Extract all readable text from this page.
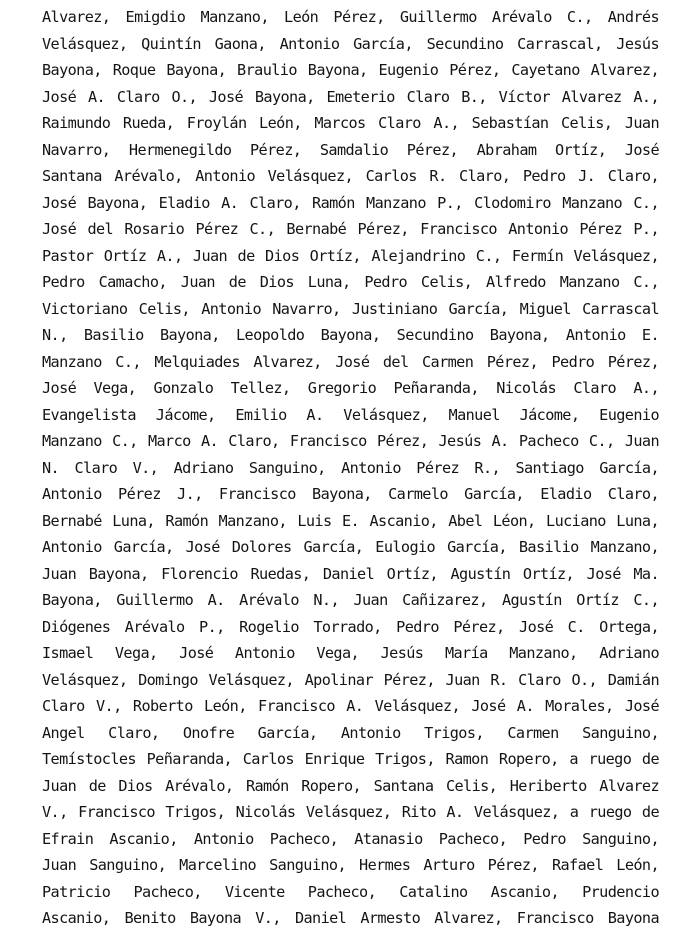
Alvarez, Emigdio Manzano, León Pérez, Guillermo Arévalo C., Andrés
Velásquez, Quintín Gaona, Antonio García, Secundino Carrascal, Jesús
Bayona, Roque Bayona, Braulio Bayona, Eugenio Pérez, Cayetano Alvarez,
José A. Claro O., José Bayona, Emeterio Claro B., Víctor Alvarez A.,
Raimundo Rueda, Froylán León, Marcos Claro A., Sebastían Celis, Juan
Navarro, Hermenegildo Pérez, Samdalio Pérez, Abraham Ortíz, José
Santana Arévalo, Antonio Velásquez, Carlos R. Claro, Pedro J. Claro,
José Bayona, Eladio A. Claro, Ramón Manzano P., Clodomiro Manzano C.,
José del Rosario Pérez C., Bernabé Pérez, Francisco Antonio Pérez P.,
Pastor Ortíz A., Juan de Dios Ortíz, Alejandrino C., Fermín Velásquez,
Pedro Camacho, Juan de Dios Luna, Pedro Celis, Alfredo Manzano C.,
Victoriano Celis, Antonio Navarro, Justiniano García, Miguel Carrascal
N., Basilio Bayona, Leopoldo Bayona, Secundino Bayona, Antonio E.
Manzano C., Melquiades Alvarez, José del Carmen Pérez, Pedro Pérez,
José Vega, Gonzalo Tellez, Gregorio Peñaranda, Nicolás Claro A.,
Evangelista Jácome, Emilio A. Velásquez, Manuel Jácome, Eugenio
Manzano C., Marco A. Claro, Francisco Pérez, Jesús A. Pacheco C., Juan
N. Claro V., Adriano Sanguino, Antonio Pérez R., Santiago García,
Antonio Pérez J., Francisco Bayona, Carmelo García, Eladio Claro,
Bernabé Luna, Ramón Manzano, Luis E. Ascanio, Abel Léon, Luciano Luna,
Antonio García, José Dolores García, Eulogio García, Basilio Manzano,
Juan Bayona, Florencio Ruedas, Daniel Ortíz, Agustín Ortíz, José Ma.
Bayona, Guillermo A. Arévalo N., Juan Cañizarez, Agustín Ortíz C.,
Diógenes Arévalo P., Rogelio Torrado, Pedro Pérez, José C. Ortega,
Ismael Vega, José Antonio Vega, Jesús María Manzano, Adriano
Velásquez, Domingo Velásquez, Apolinar Pérez, Juan R. Claro O., Damián
Claro V., Roberto León, Francisco A. Velásquez, José A. Morales, José
Angel Claro, Onofre García, Antonio Trigos, Carmen Sanguino,
Temístocles Peñaranda, Carlos Enrique Trigos, Ramon Ropero, a ruego de
Juan de Dios Arévalo, Ramón Ropero, Santana Celis, Heriberto Alvarez
V., Francisco Trigos, Nicolás Velásquez, Rito A. Velásquez, a ruego de
Efrain Ascanio, Antonio Pacheco, Atanasio Pacheco, Pedro Sanguino,
Juan Sanguino, Marcelino Sanguino, Hermes Arturo Pérez, Rafael León,
Patricio Pacheco, Vicente Pacheco, Catalino Ascanio, Prudencio
Ascanio, Benito Bayona V., Daniel Armesto Alvarez, Francisco Bayona
